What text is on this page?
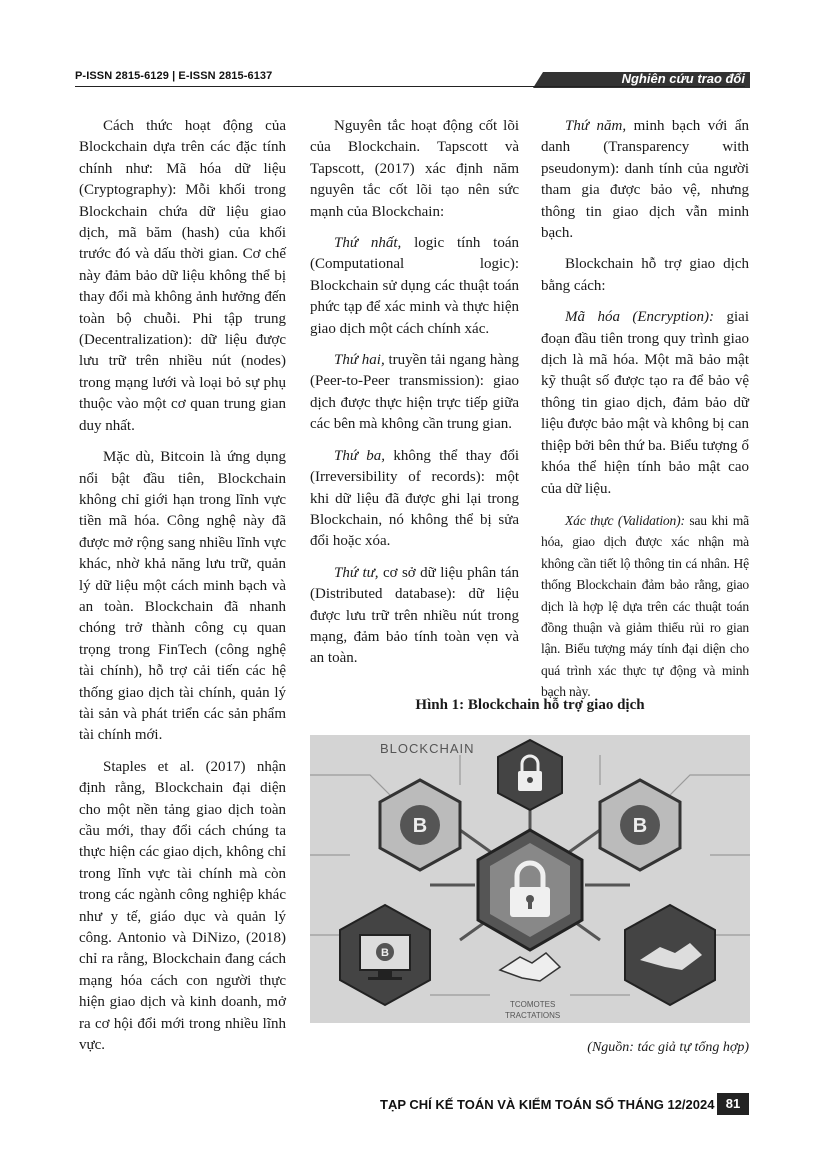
P-ISSN 2815-6129 | E-ISSN 2815-6137	Nghiên cứu trao đổi

Cách thức hoạt động của Blockchain dựa trên các đặc tính chính như: Mã hóa dữ liệu (Cryptography): Mỗi khối trong Blockchain chứa dữ liệu giao dịch, mã băm (hash) của khối trước đó và dấu thời gian. Cơ chế này đảm bảo dữ liệu không thể bị thay đổi mà không ảnh hưởng đến toàn bộ chuỗi. Phi tập trung (Decentralization): dữ liệu được lưu trữ trên nhiều nút (nodes) trong mạng lưới và loại bỏ sự phụ thuộc vào một cơ quan trung gian duy nhất.

Mặc dù, Bitcoin là ứng dụng nổi bật đầu tiên, Blockchain không chỉ giới hạn trong lĩnh vực tiền mã hóa. Công nghệ này đã được mở rộng sang nhiều lĩnh vực khác, nhờ khả năng lưu trữ, quản lý dữ liệu một cách minh bạch và an toàn. Blockchain đã nhanh chóng trở thành công cụ quan trọng trong FinTech (công nghệ tài chính), hỗ trợ cải tiến các hệ thống giao dịch tài chính, quản lý tài sản và phát triển các sản phẩm tài chính mới.

Staples et al. (2017) nhận định rằng, Blockchain đại diện cho một nền tảng giao dịch toàn cầu mới, thay đổi cách chúng ta thực hiện các giao dịch, không chỉ trong lĩnh vực tài chính mà còn trong các ngành công nghiệp khác như y tế, giáo dục và quản lý công. Antonio và DiNizo, (2018) chỉ ra rằng, Blockchain đang cách mạng hóa cách con người thực hiện giao dịch và kinh doanh, mở ra cơ hội đổi mới trong nhiều lĩnh vực.

Nguyên tắc hoạt động cốt lõi của Blockchain. Tapscott và Tapscott, (2017) xác định năm nguyên tắc cốt lõi tạo nên sức mạnh của Blockchain:

Thứ nhất, logic tính toán (Computational logic): Blockchain sử dụng các thuật toán phức tạp để xác minh và thực hiện giao dịch một cách chính xác.

Thứ hai, truyền tải ngang hàng (Peer-to-Peer transmission): giao dịch được thực hiện trực tiếp giữa các bên mà không cần trung gian.

Thứ ba, không thể thay đổi (Irreversibility of records): một khi dữ liệu đã được ghi lại trong Blockchain, nó không thể bị sửa đổi hoặc xóa.

Thứ tư, cơ sở dữ liệu phân tán (Distributed database): dữ liệu được lưu trữ trên nhiều nút trong mạng, đảm bảo tính toàn vẹn và an toàn.

Thứ năm, minh bạch với ẩn danh (Transparency with pseudonym): danh tính của người tham gia được bảo vệ, nhưng thông tin giao dịch vẫn minh bạch.

Blockchain hỗ trợ giao dịch bằng cách:

Mã hóa (Encryption): giai đoạn đầu tiên trong quy trình giao dịch là mã hóa. Một mã bảo mật kỹ thuật số được tạo ra để bảo vệ thông tin giao dịch, đảm bảo dữ liệu được bảo mật và không bị can thiệp bởi bên thứ ba. Biểu tượng ổ khóa thể hiện tính bảo mật cao của dữ liệu.

Xác thực (Validation): sau khi mã hóa, giao dịch được xác nhận mà không cần tiết lộ thông tin cá nhân. Hệ thống Blockchain đảm bảo rằng, giao dịch là hợp lệ dựa trên các thuật toán đồng thuận và giảm thiểu rủi ro gian lận. Biểu tượng máy tính đại diện cho quá trình xác thực tự động và minh bạch này.

Hình 1: Blockchain hỗ trợ giao dịch
BLOCKCHAIN
B	B
B
TCOMOTES
TRACTATIONS
(Nguồn: tác giả tự tổng hợp)
TẠP CHÍ KẾ TOÁN VÀ KIỂM TOÁN SỐ THÁNG 12/2024 81
